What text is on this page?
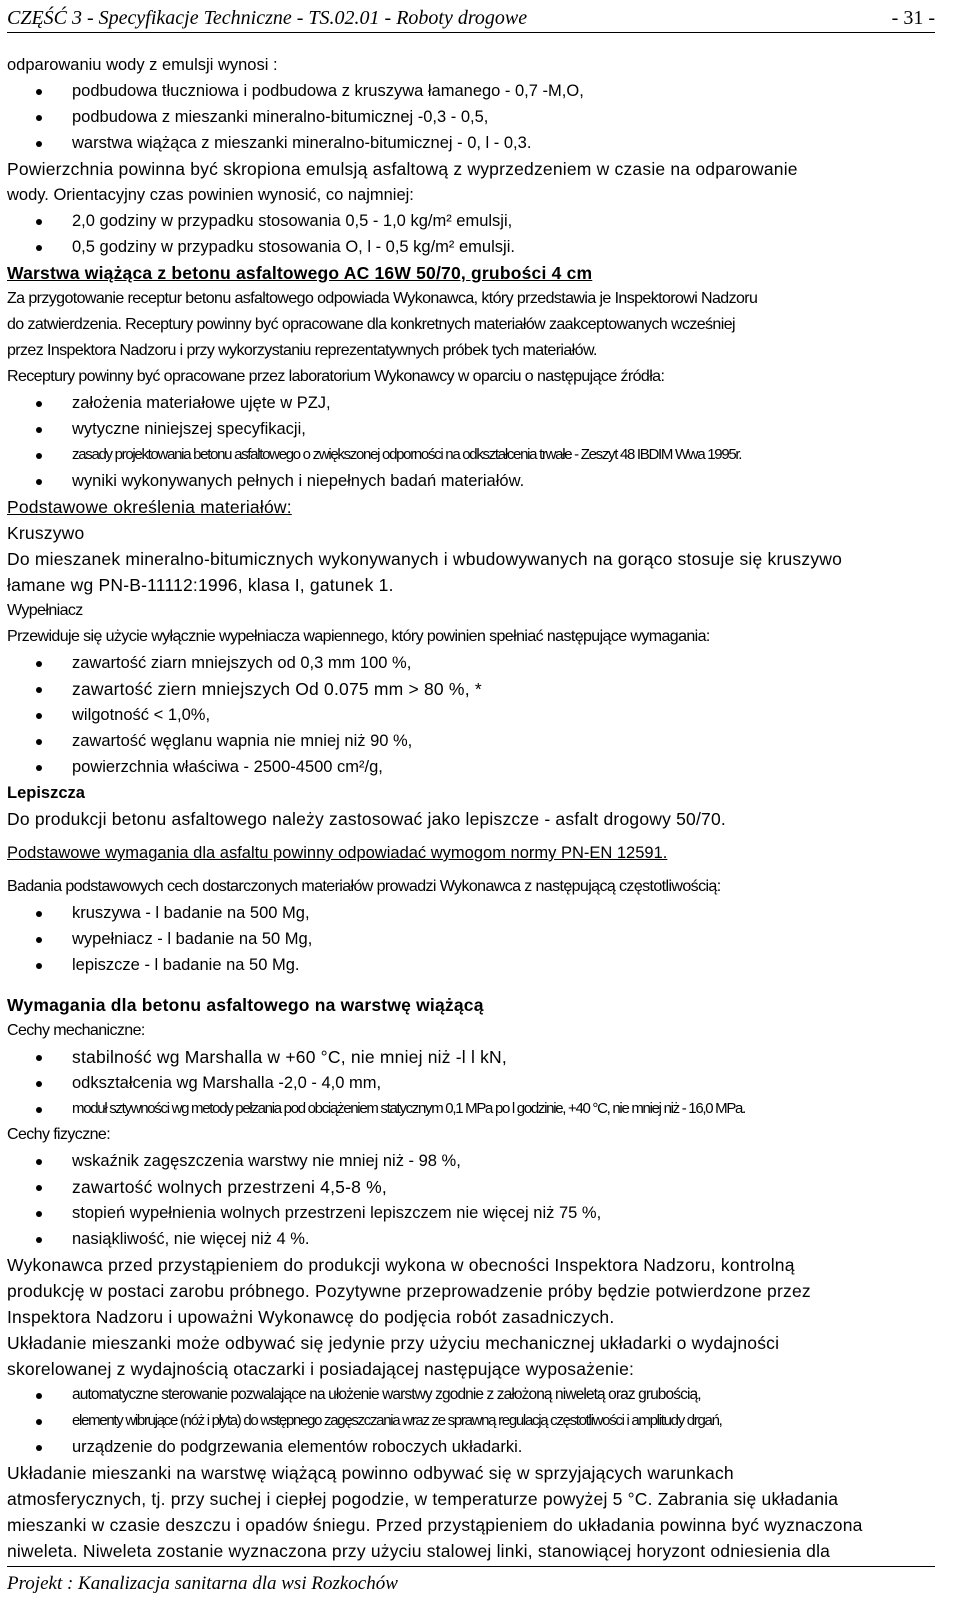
CZĘŚĆ 3 - Specyfikacje Techniczne - TS.02.01 - Roboty drogowe	- 31 -
odparowaniu wody z emulsji wynosi :
podbudowa tłuczniowa i podbudowa z kruszywa łamanego - 0,7 -M,O,
podbudowa z mieszanki mineralno-bitumicznej -0,3 - 0,5,
warstwa wiążąca z mieszanki mineralno-bitumicznej - 0, l - 0,3.
Powierzchnia powinna być skropiona emulsją asfaltową z wyprzedzeniem w czasie na odparowanie
wody. Orientacyjny czas powinien wynosić, co najmniej:
2,0 godziny w przypadku stosowania 0,5 - 1,0 kg/m² emulsji,
0,5 godziny w przypadku stosowania O, l - 0,5 kg/m² emulsji.
Warstwa wiążąca z betonu asfaltowego AC 16W 50/70, grubości 4 cm
Za przygotowanie receptur betonu asfaltowego odpowiada Wykonawca, który przedstawia je Inspektorowi Nadzoru
do zatwierdzenia. Receptury powinny być opracowane dla konkretnych materiałów zaakceptowanych wcześniej
przez Inspektora Nadzoru i przy wykorzystaniu reprezentatywnych próbek tych materiałów.
Receptury powinny być opracowane przez laboratorium Wykonawcy w oparciu o następujące źródła:
założenia materiałowe ujęte w PZJ,
wytyczne niniejszej specyfikacji,
zasady projektowania betonu asfaltowego o zwiększonej odporności na odkształcenia trwałe - Zeszyt 48 IBDIM Wwa 1995r.
wyniki wykonywanych pełnych i niepełnych badań materiałów.
Podstawowe określenia materiałów:
Kruszywo
Do mieszanek mineralno-bitumicznych wykonywanych i wbudowywanych na gorąco stosuje się kruszywo
łamane wg PN-B-11112:1996, klasa I, gatunek 1.
Wypełniacz
Przewiduje się użycie wyłącznie wypełniacza wapiennego, który powinien spełniać następujące wymagania:
zawartość ziarn mniejszych od 0,3 mm 100 %,
zawartość ziern mniejszych Od 0.075 mm > 80 %, *
wilgotność < 1,0%,
zawartość węglanu wapnia nie mniej niż 90 %,
powierzchnia właściwa - 2500-4500 cm²/g,
Lepiszcza
Do produkcji betonu asfaltowego należy zastosować jako lepiszcze - asfalt drogowy 50/70.
Podstawowe wymagania dla asfaltu powinny odpowiadać wymogom normy PN-EN 12591.
Badania podstawowych cech dostarczonych materiałów prowadzi Wykonawca z następującą częstotliwością:
kruszywa - l badanie na 500 Mg,
wypełniacz - l badanie na 50 Mg,
lepiszcze - l badanie na 50 Mg.
Wymagania dla betonu asfaltowego na warstwę wiążącą
Cechy mechaniczne:
stabilność wg Marshalla w +60 °C, nie mniej niż -l l kN,
odkształcenia wg Marshalla -2,0 - 4,0 mm,
moduł sztywności wg metody pełzania pod obciążeniem statycznym 0,1 MPa po l godzinie, +40 °C, nie mniej niż - 16,0 MPa.
Cechy fizyczne:
wskaźnik zagęszczenia warstwy nie mniej niż - 98 %,
zawartość wolnych przestrzeni 4,5-8 %,
stopień wypełnienia wolnych przestrzeni lepiszczem nie więcej niż 75 %,
nasiąkliwość, nie więcej niż 4 %.
Wykonawca przed przystąpieniem do produkcji wykona w obecności Inspektora Nadzoru, kontrolną
produkcję w postaci zarobu próbnego. Pozytywne przeprowadzenie próby będzie potwierdzone przez
Inspektora Nadzoru i upoważni Wykonawcę do podjęcia robót zasadniczych.
Układanie mieszanki może odbywać się jedynie przy użyciu mechanicznej układarki o wydajności
skorelowanej z wydajnością otaczarki i posiadającej następujące wyposażenie:
automatyczne sterowanie pozwalające na ułożenie warstwy zgodnie z założoną niweletą oraz grubością,
elementy wibrujące (nóż i płyta) do wstępnego zagęszczania wraz ze sprawną regulacją częstotliwości i amplitudy drgań,
urządzenie do podgrzewania elementów roboczych układarki.
Układanie mieszanki na warstwę wiążącą powinno odbywać się w sprzyjających warunkach
atmosferycznych, tj. przy suchej i ciepłej pogodzie, w temperaturze powyżej 5 °C. Zabrania się układania
mieszanki w czasie deszczu i opadów śniegu. Przed przystąpieniem do układania powinna być wyznaczona
niweleta. Niweleta zostanie wyznaczona przy użyciu stalowej linki, stanowiącej horyzont odniesienia dla
Projekt : Kanalizacja sanitarna dla wsi Rozkochów
